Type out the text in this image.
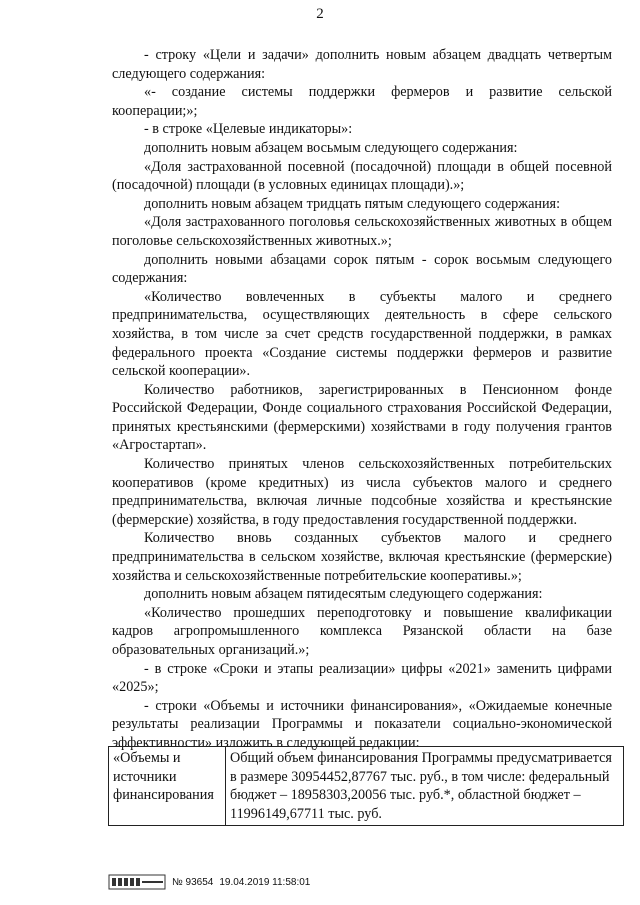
2

- строку «Цели и задачи» дополнить новым абзацем двадцать четвертым следующего содержания:

«- создание системы поддержки фермеров и развитие сельской кооперации;»;

- в строке «Целевые индикаторы»:

дополнить новым абзацем восьмым следующего содержания:

«Доля застрахованной посевной (посадочной) площади в общей посевной (посадочной) площади (в условных единицах площади).»;

дополнить новым абзацем тридцать пятым следующего содержания:

«Доля застрахованного поголовья сельскохозяйственных животных в общем поголовье сельскохозяйственных животных.»;

дополнить новыми абзацами сорок пятым - сорок восьмым следующего содержания:

«Количество вовлеченных в субъекты малого и среднего предпринимательства, осуществляющих деятельность в сфере сельского хозяйства, в том числе за счет средств государственной поддержки, в рамках федерального проекта «Создание системы поддержки фермеров и развитие сельской кооперации».

Количество работников, зарегистрированных в Пенсионном фонде Российской Федерации, Фонде социального страхования Российской Федерации, принятых крестьянскими (фермерскими) хозяйствами в году получения грантов «Агростартап».

Количество принятых членов сельскохозяйственных потребительских кооперативов (кроме кредитных) из числа субъектов малого и среднего предпринимательства, включая личные подсобные хозяйства и крестьянские (фермерские) хозяйства, в году предоставления государственной поддержки.

Количество вновь созданных субъектов малого и среднего предпринимательства в сельском хозяйстве, включая крестьянские (фермерские) хозяйства и сельскохозяйственные потребительские кооперативы.»;

дополнить новым абзацем пятидесятым следующего содержания:

«Количество прошедших переподготовку и повышение квалификации кадров агропромышленного комплекса Рязанской области на базе образовательных организаций.»;

- в строке «Сроки и этапы реализации» цифры «2021» заменить цифрами «2025»;

- строки «Объемы и источники финансирования», «Ожидаемые конечные результаты реализации Программы и показатели социально-экономической эффективности» изложить в следующей редакции:

«Объемы и источники финансирования	Общий объем финансирования Программы предусматривается в размере 30954452,87767 тыс. руб., в том числе: федеральный бюджет – 18958303,20056 тыс. руб.*, областной бюджет – 11996149,67711 тыс. руб.
№ 93654 19.04.2019 11:58:01
